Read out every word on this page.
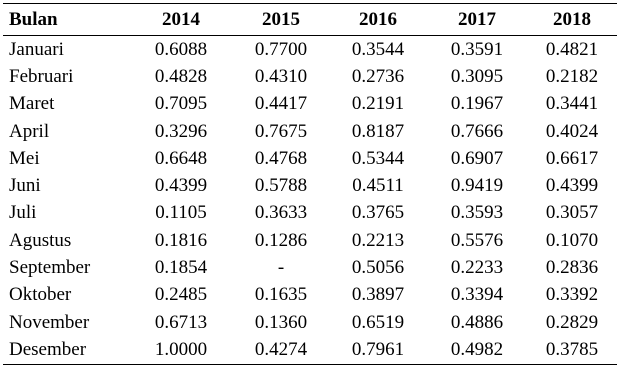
Bulan	2014	2015	2016	2017	2018
Januari	0.6088	0.7700	0.3544	0.3591	0.4821
Februari	0.4828	0.4310	0.2736	0.3095	0.2182
Maret	0.7095	0.4417	0.2191	0.1967	0.3441
April	0.3296	0.7675	0.8187	0.7666	0.4024
Mei	0.6648	0.4768	0.5344	0.6907	0.6617
Juni	0.4399	0.5788	0.4511	0.9419	0.4399
Juli	0.1105	0.3633	0.3765	0.3593	0.3057
Agustus	0.1816	0.1286	0.2213	0.5576	0.1070
September	0.1854	-	0.5056	0.2233	0.2836
Oktober	0.2485	0.1635	0.3897	0.3394	0.3392
November	0.6713	0.1360	0.6519	0.4886	0.2829
Desember	1.0000	0.4274	0.7961	0.4982	0.3785
